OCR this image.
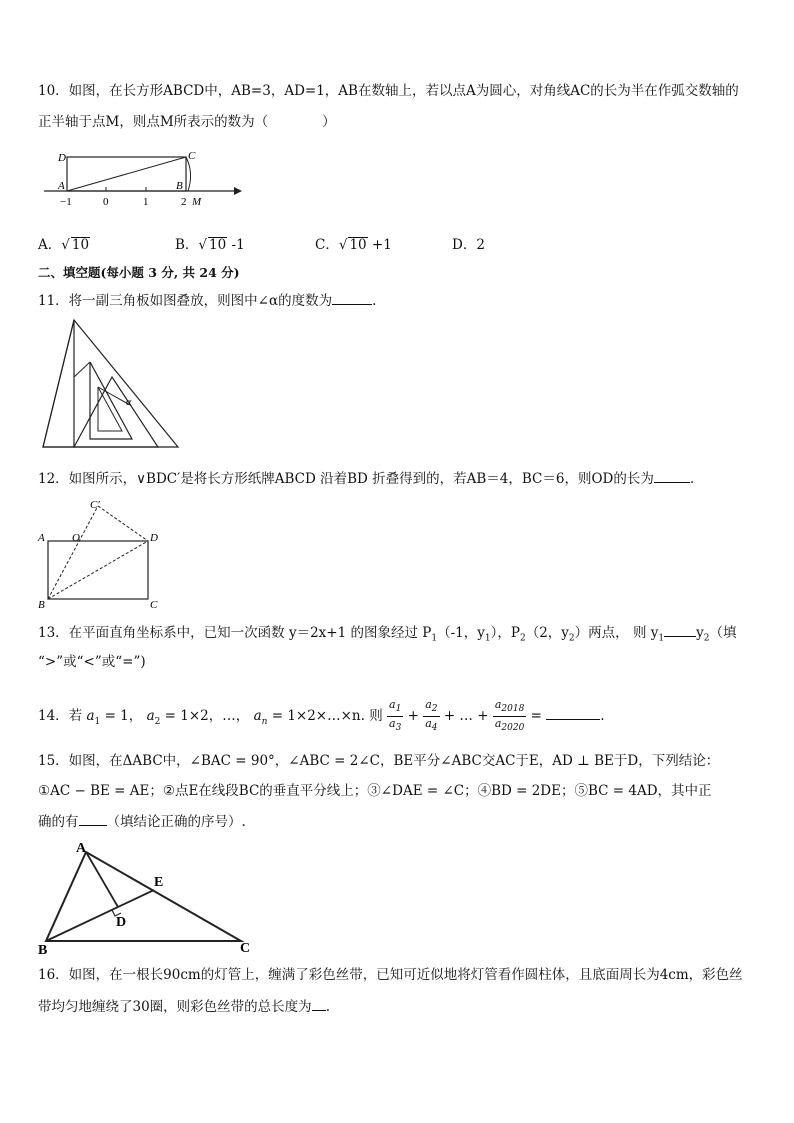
10．如图，在长方形ABCD中，AB=3，AD=1，AB在数轴上，若以点A为圆心，对角线AC的长为半在作弧交数轴的
正半轴于点M，则点M所表示的数为（　　　　）
D	C
A	B
M
−1	0	1	2
A．√ 10	B．√ 10 -1	C．√ 10 +1	D．2
二、填空题(每小题 3 分, 共 24 分)
11．将一副三角板如图叠放，则图中∠α的度数为	.
α
12．如图所示，∨BDC′是将长方形纸牌ABCD 沿着BD 折叠得到的，若AB＝4，BC＝6，则OD的长为	.
C′
A O	D
B	C
13．在平面直角坐标系中，已知一次函数 y＝2x+1 的图象经过 $P_1(-1$，$y_1$），$P_2(2$，$y_2$）两点， 则 $y_1$ $y_2$（填
“>”或“<”或“=”)
14．若 $a_1 = 1$， $a_2 = 1\times 2$，…， $a_n$ = 1×2×…×n. 则 $\frac{a_1}{a_3} + \frac{a_2}{a_4}$ + … + $\frac{a_{2018}}{a_{2020}}$ =	.
15．如图，在ΔABC中，∠BAC = 90°，∠ABC = 2∠C，BE平分∠ABC交AC于E，AD ⊥ BE于D，下列结论：
①AC − BE = AE；②点E在线段BC的垂直平分线上；③∠DAE = ∠C；④BD = 2DE；⑤BC = 4AD，其中正
确的有 （填结论正确的序号）.
A
E
D
B	C
16．如图，在一根长90cm的灯管上，缠满了彩色丝带，已知可近似地将灯管看作圆柱体，且底面周长为4cm，彩色丝
带均匀地缠绕了30圈，则彩色丝带的总长度为 .
